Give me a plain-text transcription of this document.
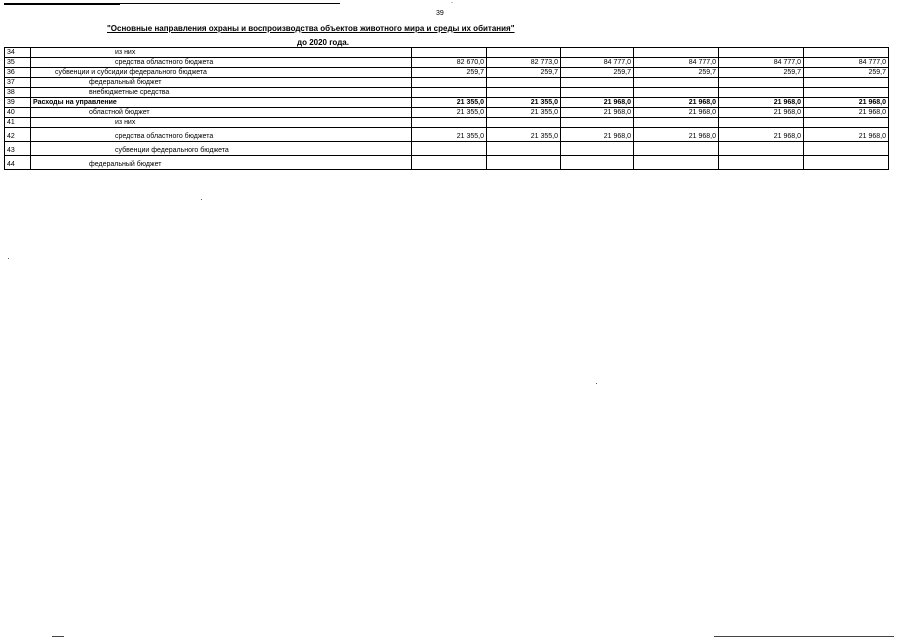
`
39
"Основные направления охраны и воспроизводства объектов животного мира и среды их обитания"
до 2020 года.
34	из них						
35	средства областного бюджета	82 670,0	82 773,0	84 777,0	84 777,0	84 777,0	84 777,0
36	субвенции и субсидии федерального бюджета	259,7	259,7	259,7	259,7	259,7	259,7
37	федеральный бюджет						
38	внебюджетные средства						
39	Расходы на управление	21 355,0	21 355,0	21 968,0	21 968,0	21 968,0	21 968,0
40	областной бюджет	21 355,0	21 355,0	21 968,0	21 968,0	21 968,0	21 968,0
41	из них						
42	средства областного бюджета	21 355,0	21 355,0	21 968,0	21 968,0	21 968,0	21 968,0
43	субвенции федерального бюджета						
44	федеральный бюджет						
